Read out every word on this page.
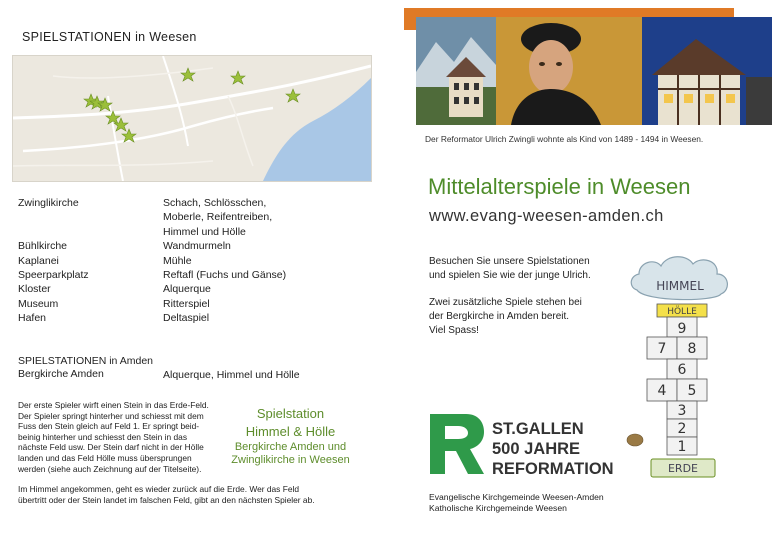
SPIELSTATIONEN in Weesen
Zwinglikirche

Bühlkirche
Kaplanei
Speerparkplatz
Kloster
Museum
Hafen
Schach, Schlösschen,
Moberle, Reifentreiben,
Himmel und Hölle
Wandmurmeln
Mühle
Reftafl (Fuchs und Gänse)
Alquerque
Ritterspiel
Deltaspiel
SPIELSTATIONEN in Amden
Bergkirche Amden	Alquerque, Himmel und Hölle
Der erste Spieler wirft einen Stein in das Erde-Feld.
Der Spieler springt hinterher und schiesst mit dem
Fuss den Stein gleich auf Feld 1. Er springt beid-
beinig hinterher und schiesst den Stein in das
nächste Feld usw. Der Stein darf nicht in der Hölle
landen und das Feld Hölle muss übersprungen
werden (siehe auch Zeichnung auf der Titelseite).
Im Himmel angekommen, geht es wieder zurück auf die Erde. Wer das Feld
übertritt oder der Stein landet im falschen Feld, gibt an den nächsten Spieler ab.
Spielstation
Himmel & Hölle
Bergkirche Amden und
Zwinglikirche in Weesen
Der Reformator Ulrich Zwingli wohnte als Kind von 1489 - 1494 in Weesen.
Mittelalterspiele in Weesen
www.evang-weesen-amden.ch
Besuchen Sie unsere Spielstationen
und spielen Sie wie der junge Ulrich.
Zwei zusätzliche Spiele stehen bei
der Bergkirche in Amden bereit.
Viel Spass!
ST.GALLEN
500 JAHRE
REFORMATION
HIMMEL
HÖLLE
9
7 8
6
4 5
3
2
1
ERDE
Evangelische Kirchgemeinde Weesen-Amden
Katholische Kirchgemeinde Weesen
